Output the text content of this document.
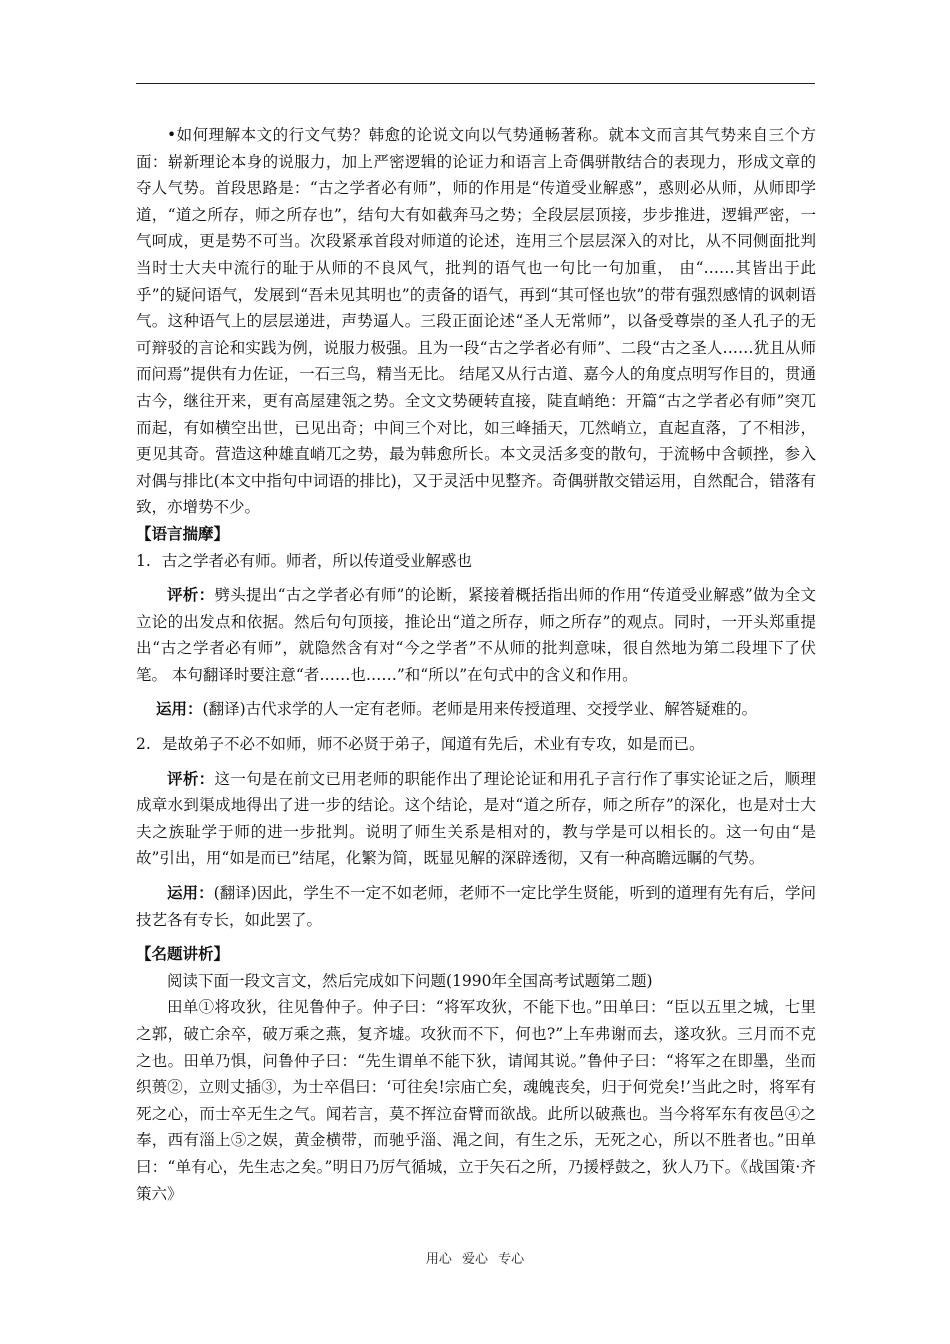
•如何理解本文的行文气势？韩愈的论说文向以气势通畅著称。就本文而言其气势来自三个方面：崭新理论本身的说服力，加上严密逻辑的论证力和语言上奇偶骈散结合的表现力，形成文章的夺人气势。首段思路是：“古之学者必有师”，师的作用是“传道受业解惑”，惑则必从师，从师即学道，“道之所存，师之所存也”，结句大有如截奔马之势；全段层层顶接，步步推进，逻辑严密，一气呵成，更是势不可当。次段紧承首段对师道的论述，连用三个层层深入的对比，从不同侧面批判当时士大夫中流行的耻于从师的不良风气，批判的语气也一句比一句加重， 由“……其皆出于此乎”的疑问语气，发展到“吾未见其明也”的责备的语气，再到“其可怪也欤”的带有强烈感情的讽刺语气。这种语气上的层层递进，声势逼人。三段正面论述“圣人无常师”，以备受尊崇的圣人孔子的无可辩驳的言论和实践为例，说服力极强。且为一段“古之学者必有师”、二段“古之圣人……犹且从师而问焉”提供有力佐证，一石三鸟，精当无比。 结尾又从行古道、嘉今人的角度点明写作目的，贯通古今，继往开来，更有高屋建瓴之势。全文文势硬转直接，陡直峭绝：开篇“古之学者必有师”突兀而起，有如横空出世，已见出奇；中间三个对比，如三峰插天，兀然峭立，直起直落，了不相涉，更见其奇。营造这种雄直峭兀之势，最为韩愈所长。本文灵活多变的散句，于流畅中含顿挫，参入对偶与排比(本文中指句中词语的排比)，又于灵活中见整齐。奇偶骈散交错运用，自然配合，错落有致，亦增势不少。

【语言揣摩】

1. 古之学者必有师。师者，所以传道受业解惑也

评析：劈头提出“古之学者必有师”的论断，紧接着概括指出师的作用“传道受业解惑”做为全文立论的出发点和依据。然后句句顶接，推论出“道之所存，师之所存”的观点。同时，一开头郑重提出“古之学者必有师”，就隐然含有对“今之学者”不从师的批判意味，很自然地为第二段埋下了伏笔。 本句翻译时要注意“者……也……”和“所以”在句式中的含义和作用。

运用：(翻译)古代求学的人一定有老师。老师是用来传授道理、交授学业、解答疑难的。

2. 是故弟子不必不如师，师不必贤于弟子，闻道有先后，术业有专攻，如是而已。

评析：这一句是在前文已用老师的职能作出了理论论证和用孔子言行作了事实论证之后，顺理成章水到渠成地得出了进一步的结论。这个结论，是对“道之所存，师之所存”的深化，也是对士大夫之族耻学于师的进一步批判。说明了师生关系是相对的，教与学是可以相长的。这一句由“是故”引出，用“如是而已”结尾，化繁为简，既显见解的深辟透彻，又有一种高瞻远瞩的气势。

运用：(翻译)因此，学生不一定不如老师，老师不一定比学生贤能，听到的道理有先有后，学问技艺各有专长，如此罢了。

【名题讲析】

阅读下面一段文言文，然后完成如下问题(1990年全国高考试题第二题)

田单①将攻狄，往见鲁仲子。仲子曰：“将军攻狄，不能下也。”田单曰：“臣以五里之城，七里之郭，破亡余卒，破万乘之燕，复齐墟。攻狄而不下，何也?”上车弗谢而去，遂攻狄。三月而不克之也。田单乃惧，问鲁仲子曰：“先生谓单不能下狄，请闻其说。”鲁仲子曰：“将军之在即墨，坐而织蒉②，立则丈插③，为士卒倡曰：‘可往矣!宗庙亡矣，魂魄丧矣，归于何党矣!’当此之时，将军有死之心，而士卒无生之气。闻若言，莫不挥泣奋臂而欲战。此所以破燕也。当今将军东有夜邑④之奉，西有淄上⑤之娱，黄金横带，而驰乎淄、渑之间，有生之乐，无死之心，所以不胜者也。”田单曰：“单有心，先生志之矣。”明日乃厉气循城，立于矢石之所，乃援桴鼓之，狄人乃下。《战国策·齐策六》

用心 爱心 专心
